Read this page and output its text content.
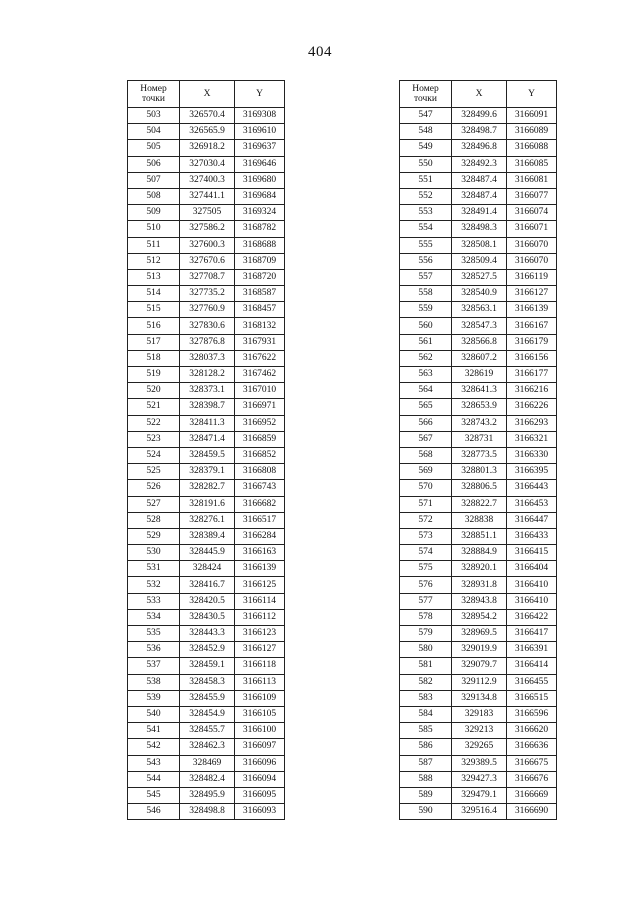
404
Номер
точки	X	Y
503	326570.4	3169308
504	326565.9	3169610
505	326918.2	3169637
506	327030.4	3169646
507	327400.3	3169680
508	327441.1	3169684
509	327505	3169324
510	327586.2	3168782
511	327600.3	3168688
512	327670.6	3168709
513	327708.7	3168720
514	327735.2	3168587
515	327760.9	3168457
516	327830.6	3168132
517	327876.8	3167931
518	328037.3	3167622
519	328128.2	3167462
520	328373.1	3167010
521	328398.7	3166971
522	328411.3	3166952
523	328471.4	3166859
524	328459.5	3166852
525	328379.1	3166808
526	328282.7	3166743
527	328191.6	3166682
528	328276.1	3166517
529	328389.4	3166284
530	328445.9	3166163
531	328424	3166139
532	328416.7	3166125
533	328420.5	3166114
534	328430.5	3166112
535	328443.3	3166123
536	328452.9	3166127
537	328459.1	3166118
538	328458.3	3166113
539	328455.9	3166109
540	328454.9	3166105
541	328455.7	3166100
542	328462.3	3166097
543	328469	3166096
544	328482.4	3166094
545	328495.9	3166095
546	328498.8	3166093
Номер
точки	X	Y
547	328499.6	3166091
548	328498.7	3166089
549	328496.8	3166088
550	328492.3	3166085
551	328487.4	3166081
552	328487.4	3166077
553	328491.4	3166074
554	328498.3	3166071
555	328508.1	3166070
556	328509.4	3166070
557	328527.5	3166119
558	328540.9	3166127
559	328563.1	3166139
560	328547.3	3166167
561	328566.8	3166179
562	328607.2	3166156
563	328619	3166177
564	328641.3	3166216
565	328653.9	3166226
566	328743.2	3166293
567	328731	3166321
568	328773.5	3166330
569	328801.3	3166395
570	328806.5	3166443
571	328822.7	3166453
572	328838	3166447
573	328851.1	3166433
574	328884.9	3166415
575	328920.1	3166404
576	328931.8	3166410
577	328943.8	3166410
578	328954.2	3166422
579	328969.5	3166417
580	329019.9	3166391
581	329079.7	3166414
582	329112.9	3166455
583	329134.8	3166515
584	329183	3166596
585	329213	3166620
586	329265	3166636
587	329389.5	3166675
588	329427.3	3166676
589	329479.1	3166669
590	329516.4	3166690
